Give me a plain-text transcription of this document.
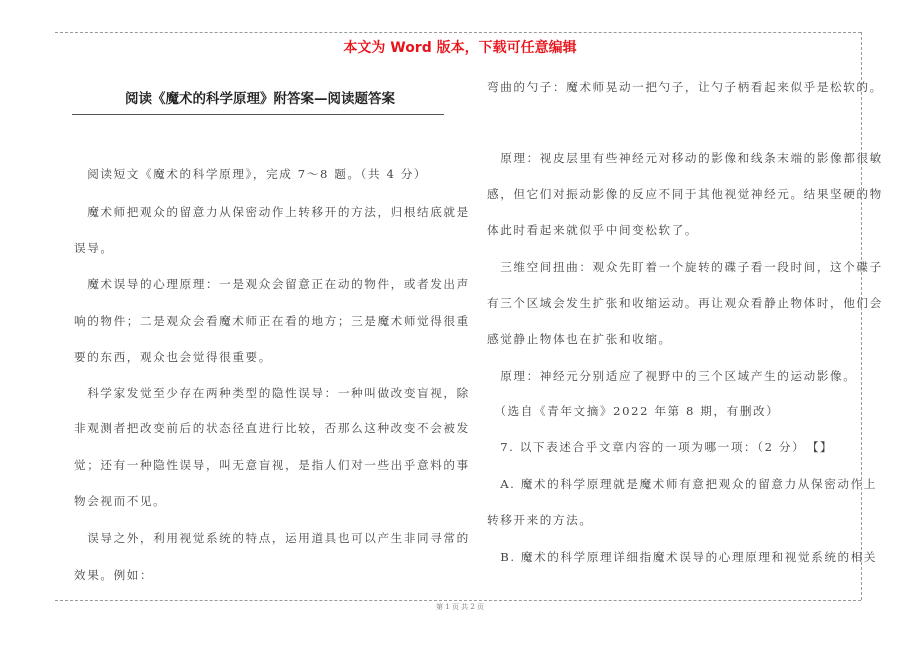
本文为 Word 版本，下载可任意编辑
阅读《魔术的科学原理》附答案—阅读题答案
　阅读短文《魔术的科学原理》，完成 7～8 题。（共 4 分）
　魔术师把观众的留意力从保密动作上转移开的方法，归根结底就是
误导。
　魔术误导的心理原理：一是观众会留意正在动的物件，或者发出声
响的物件；二是观众会看魔术师正在看的地方；三是魔术师觉得很重
要的东西，观众也会觉得很重要。
　科学家发觉至少存在两种类型的隐性误导：一种叫做改变盲视，除
非观测者把改变前后的状态径直进行比较，否那么这种改变不会被发
觉；还有一种隐性误导，叫无意盲视，是指人们对一些出乎意料的事
物会视而不见。
　误导之外，利用视觉系统的特点，运用道具也可以产生非同寻常的
效果。例如：
弯曲的勺子：魔术师晃动一把勺子，让勺子柄看起来似乎是松软的。
　原理：视皮层里有些神经元对移动的影像和线条末端的影像都很敏
感，但它们对振动影像的反应不同于其他视觉神经元。结果坚硬的物
体此时看起来就似乎中间变松软了。
　三维空间扭曲：观众先盯着一个旋转的碟子看一段时间，这个碟子
有三个区域会发生扩张和收缩运动。再让观众看静止物体时，他们会
感觉静止物体也在扩张和收缩。
　原理：神经元分别适应了视野中的三个区域产生的运动影像。
　（选自《青年文摘》2022 年第 8 期，有删改）
　7. 以下表述合乎文章内容的一项为哪一项：（2 分）　【】
　A. 魔术的科学原理就是魔术师有意把观众的留意力从保密动作上
转移开来的方法。
　B. 魔术的科学原理详细指魔术误导的心理原理和视觉系统的相关
第 1 页 共 2 页
